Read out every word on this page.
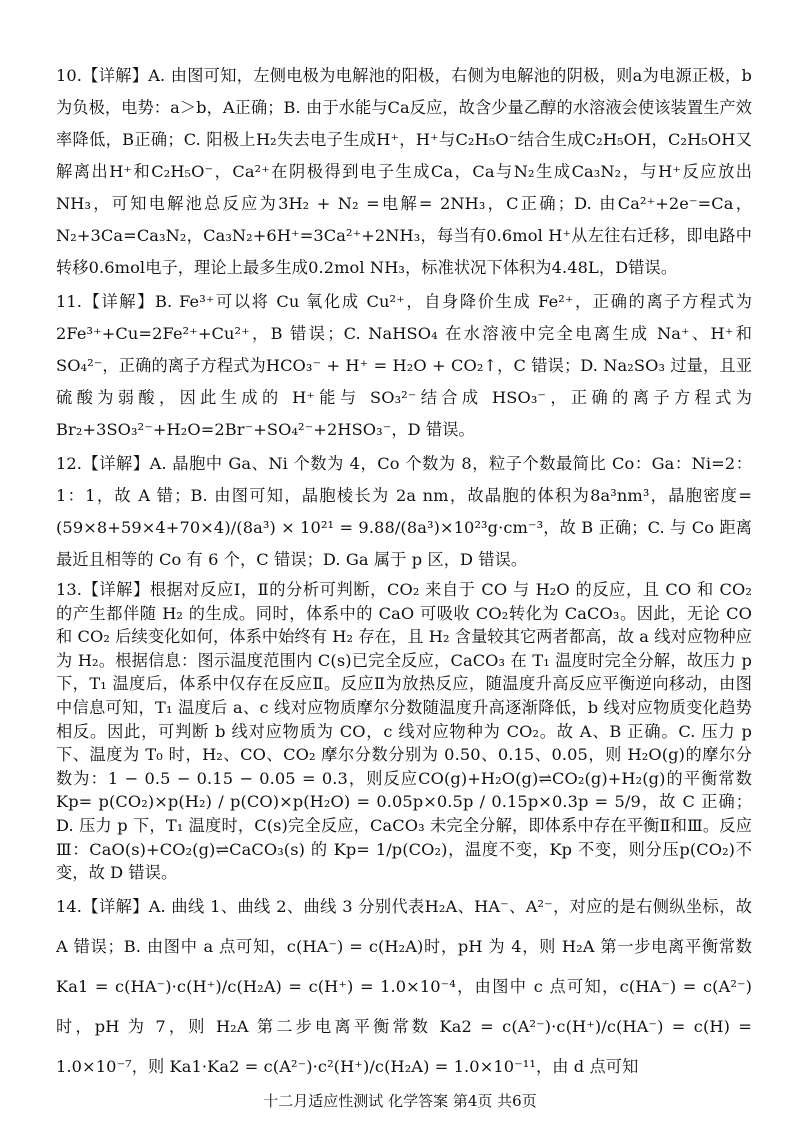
10.【详解】A. 由图可知，左侧电极为电解池的阳极，右侧为电解池的阴极，则a为电源正极，b为负极，电势：a＞b，A正确；B. 由于水能与Ca反应，故含少量乙醇的水溶液会使该装置生产效率降低，B正确；C. 阳极上H₂失去电子生成H⁺，H⁺与C₂H₅O⁻结合生成C₂H₅OH，C₂H₅OH又解离出H⁺和C₂H₅O⁻，Ca²⁺在阴极得到电子生成Ca，Ca与N₂生成Ca₃N₂，与H⁺反应放出NH₃，可知电解池总反应为3H₂ + N₂ =电解= 2NH₃，C正确；D. 由Ca²⁺+2e⁻=Ca，N₂+3Ca=Ca₃N₂，Ca₃N₂+6H⁺=3Ca²⁺+2NH₃，每当有0.6mol H⁺从左往右迁移，即电路中转移0.6mol电子，理论上最多生成0.2mol NH₃，标准状况下体积为4.48L，D错误。

11.【详解】B. Fe³⁺可以将 Cu 氧化成 Cu²⁺，自身降价生成 Fe²⁺，正确的离子方程式为2Fe³⁺+Cu=2Fe²⁺+Cu²⁺，B 错误；C. NaHSO₄ 在水溶液中完全电离生成 Na⁺、H⁺和 SO₄²⁻，正确的离子方程式为HCO₃⁻ + H⁺ = H₂O + CO₂↑，C 错误；D. Na₂SO₃ 过量，且亚硫酸为弱酸，因此生成的 H⁺能与 SO₃²⁻结合成 HSO₃⁻，正确的离子方程式为 Br₂+3SO₃²⁻+H₂O=2Br⁻+SO₄²⁻+2HSO₃⁻，D 错误。

12.【详解】A. 晶胞中 Ga、Ni 个数为 4，Co 个数为 8，粒子个数最简比 Co：Ga：Ni=2：1：1，故 A 错；B. 由图可知，晶胞棱长为 2a nm，故晶胞的体积为8a³nm³，晶胞密度= (59×8+59×4+70×4)/(8a³) × 10²¹ = 9.88/(8a³)×10²³g·cm⁻³，故 B 正确；C. 与 Co 距离最近且相等的 Co 有 6 个，C 错误；D. Ga 属于 p 区，D 错误。

13.【详解】根据对反应Ⅰ，Ⅱ的分析可判断，CO₂ 来自于 CO 与 H₂O 的反应，且 CO 和 CO₂ 的产生都伴随 H₂ 的生成。同时，体系中的 CaO 可吸收 CO₂转化为 CaCO₃。因此，无论 CO 和 CO₂ 后续变化如何，体系中始终有 H₂ 存在，且 H₂ 含量较其它两者都高，故 a 线对应物种应为 H₂。根据信息：图示温度范围内 C(s)已完全反应，CaCO₃ 在 T₁ 温度时完全分解，故压力 p 下，T₁ 温度后，体系中仅存在反应Ⅱ。反应Ⅱ为放热反应，随温度升高反应平衡逆向移动，由图中信息可知，T₁ 温度后 a、c 线对应物质摩尔分数随温度升高逐渐降低，b 线对应物质变化趋势相反。因此，可判断 b 线对应物质为 CO，c 线对应物种为 CO₂。故 A、B 正确。C. 压力 p 下、温度为 T₀ 时，H₂、CO、CO₂ 摩尔分数分别为 0.50、0.15、0.05，则 H₂O(g)的摩尔分数为：1 − 0.5 − 0.15 − 0.05 = 0.3，则反应CO(g)+H₂O(g)⇌CO₂(g)+H₂(g)的平衡常数 Kp= p(CO₂)×p(H₂) / p(CO)×p(H₂O) = 0.05p×0.5p / 0.15p×0.3p = 5/9，故 C 正确；D. 压力 p 下，T₁ 温度时，C(s)完全反应，CaCO₃ 未完全分解，即体系中存在平衡Ⅱ和Ⅲ。反应Ⅲ：CaO(s)+CO₂(g)⇌CaCO₃(s) 的 Kp= 1/p(CO₂)，温度不变，Kp 不变，则分压p(CO₂)不变，故 D 错误。

14.【详解】A. 曲线 1、曲线 2、曲线 3 分别代表H₂A、HA⁻、A²⁻，对应的是右侧纵坐标，故 A 错误；B. 由图中 a 点可知，c(HA⁻) = c(H₂A)时，pH 为 4，则 H₂A 第一步电离平衡常数 Ka1 = c(HA⁻)·c(H⁺)/c(H₂A) = c(H⁺) = 1.0×10⁻⁴，由图中 c 点可知，c(HA⁻) = c(A²⁻)时，pH 为 7，则 H₂A 第二步电离平衡常数 Ka2 = c(A²⁻)·c(H⁺)/c(HA⁻) = c(H) = 1.0×10⁻⁷，则 Ka1·Ka2 = c(A²⁻)·c²(H⁺)/c(H₂A) = 1.0×10⁻¹¹，由 d 点可知

十二月适应性测试 化学答案 第4页 共6页
